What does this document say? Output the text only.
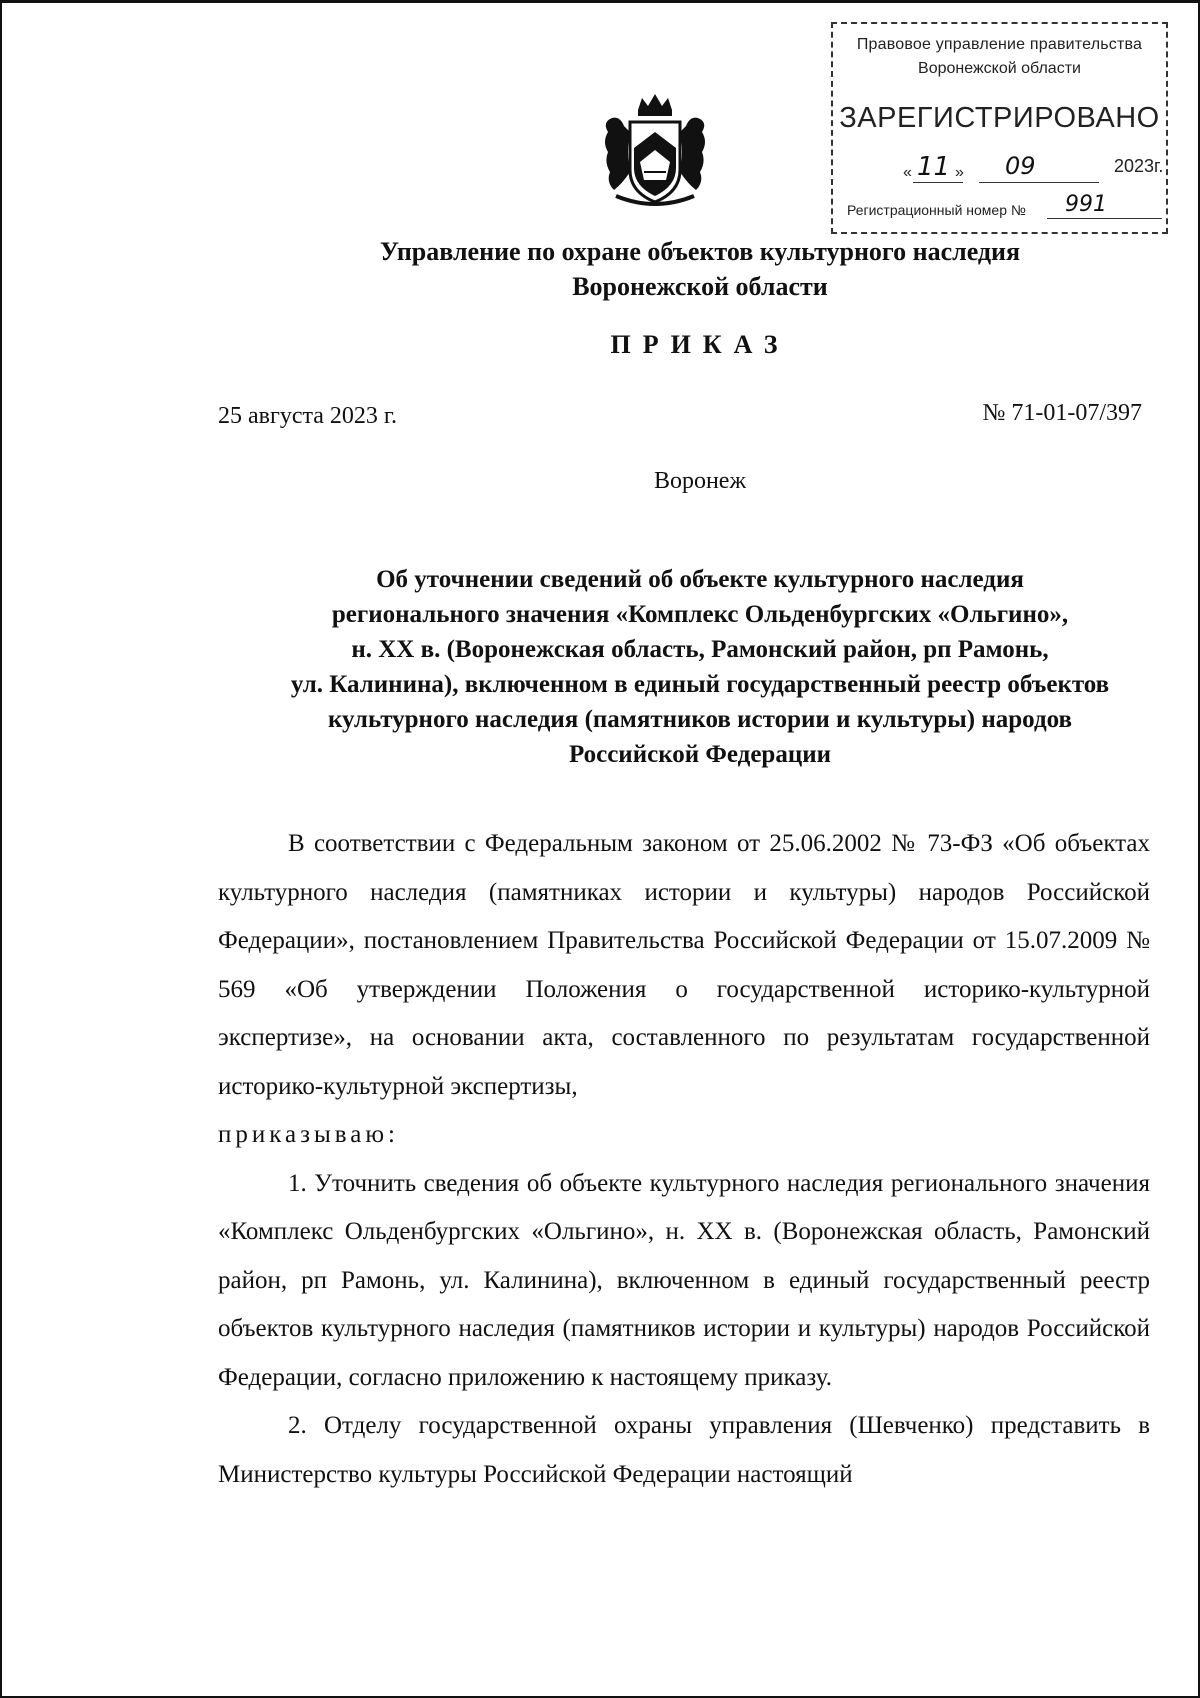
Правовое управление правительства
Воронежской области
ЗАРЕГИСТРИРОВАНО
« 11 » 09	2023г.
Регистрационный номер № 991
Управление по охране объектов культурного наследия
Воронежской области
ПРИКАЗ
25 августа 2023 г.	№ 71-01-07/397
Воронеж
Об уточнении сведений об объекте культурного наследия
регионального значения «Комплекс Ольденбургских «Ольгино»,
н. XX в. (Воронежская область, Рамонский район, рп Рамонь,
ул. Калинина), включенном в единый государственный реестр объектов
культурного наследия (памятников истории и культуры) народов
Российской Федерации

В соответствии с Федеральным законом от 25.06.2002 № 73-ФЗ «Об объектах культурного наследия (памятниках истории и культуры) народов Российской Федерации», постановлением Правительства Российской Федерации от 15.07.2009 № 569 «Об утверждении Положения о государственной историко-культурной экспертизе», на основании акта, составленного по результатам государственной историко-культурной экспертизы,

приказываю:

1. Уточнить сведения об объекте культурного наследия регионального значения «Комплекс Ольденбургских «Ольгино», н. XX в. (Воронежская область, Рамонский район, рп Рамонь, ул. Калинина), включенном в единый государственный реестр объектов культурного наследия (памятников истории и культуры) народов Российской Федерации, согласно приложению к настоящему приказу.

2. Отделу государственной охраны управления (Шевченко) представить в Министерство культуры Российской Федерации настоящий
